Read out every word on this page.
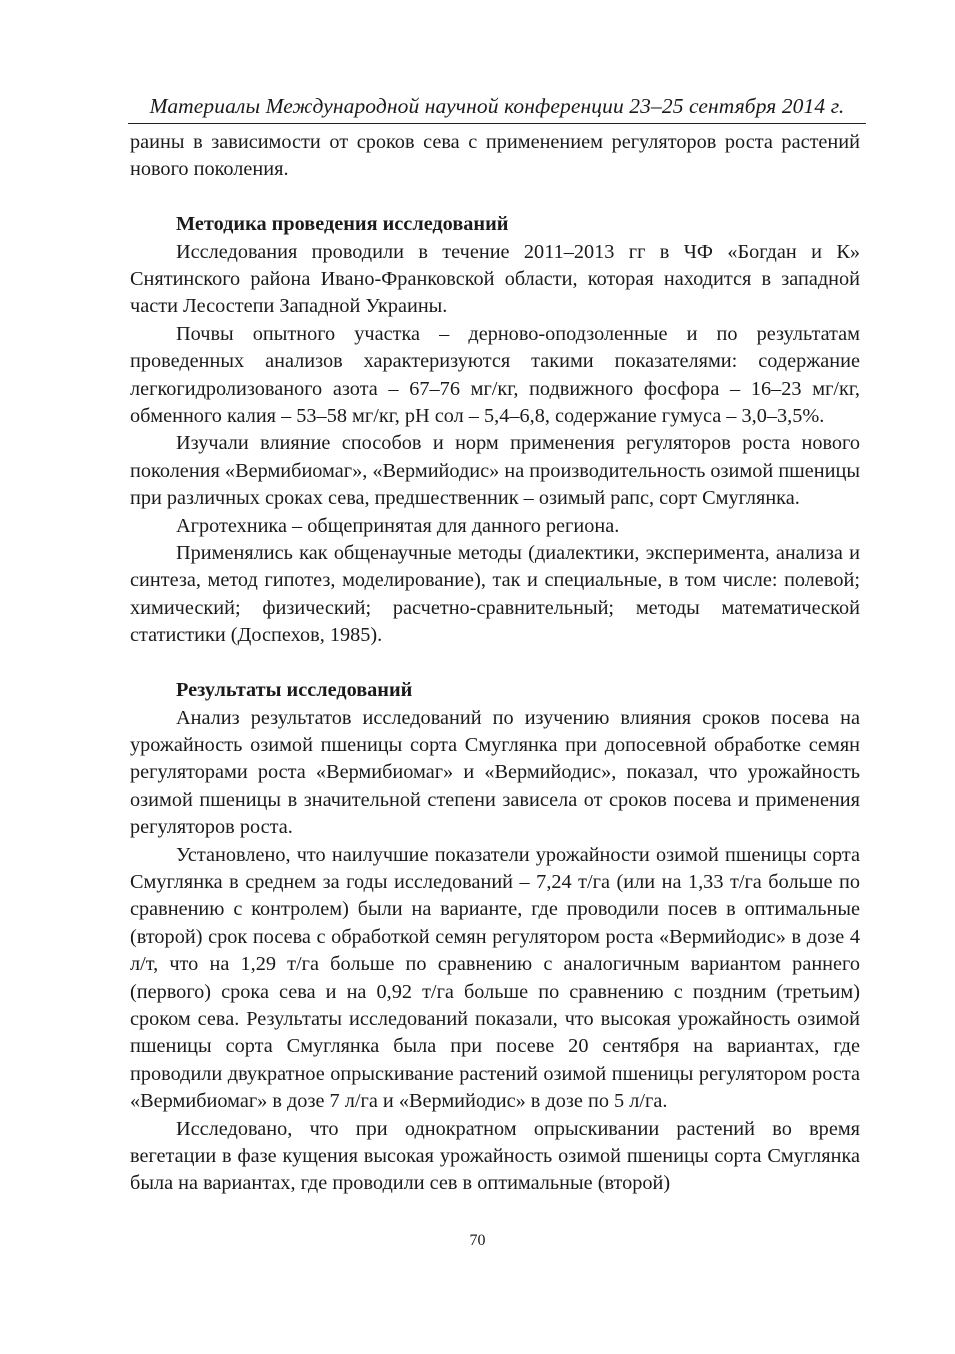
Материалы Международной научной конференции 23–25 сентября 2014 г.

раины в зависимости от сроков сева с применением регуляторов роста растений нового поколения.

Методика проведения исследований

Исследования проводили в течение 2011–2013 гг в ЧФ «Богдан и К» Снятинского района Ивано-Франковской области, которая находится в западной части Лесостепи Западной Украины.

Почвы опытного участка – дерново-оподзоленные и по результатам проведенных анализов характеризуются такими показателями: содержание легкогидролизованого азота – 67–76 мг/кг, подвижного фосфора – 16–23 мг/кг, обменного калия – 53–58 мг/кг, pH сол – 5,4–6,8, содержание гумуса – 3,0–3,5%.

Изучали влияние способов и норм применения регуляторов роста нового поколения «Вермибиомаг», «Вермийодис» на производительность озимой пшеницы при различных сроках сева, предшественник – озимый рапс, сорт Смуглянка.

Агротехника – общепринятая для данного региона.

Применялись как общенаучные методы (диалектики, эксперимента, анализа и синтеза, метод гипотез, моделирование), так и специальные, в том числе: полевой; химический; физический; расчетно-сравнительный; методы математической статистики (Доспехов, 1985).

Результаты исследований

Анализ результатов исследований по изучению влияния сроков посева на урожайность озимой пшеницы сорта Смуглянка при допосевной обработке семян регуляторами роста «Вермибиомаг» и «Вермийодис», показал, что урожайность озимой пшеницы в значительной степени зависела от сроков посева и применения регуляторов роста.

Установлено, что наилучшие показатели урожайности озимой пшеницы сорта Смуглянка в среднем за годы исследований – 7,24 т/га (или на 1,33 т/га больше по сравнению с контролем) были на варианте, где проводили посев в оптимальные (второй) срок посева с обработкой семян регулятором роста «Вермийодис» в дозе 4 л/т, что на 1,29 т/га больше по сравнению с аналогичным вариантом раннего (первого) срока сева и на 0,92 т/га больше по сравнению с поздним (третьим) сроком сева. Результаты исследований показали, что высокая урожайность озимой пшеницы сорта Смуглянка была при посеве 20 сентября на вариантах, где проводили двукратное опрыскивание растений озимой пшеницы регулятором роста «Вермибиомаг» в дозе 7 л/га и «Вермийодис» в дозе по 5 л/га.

Исследовано, что при однократном опрыскивании растений во время вегетации в фазе кущения высокая урожайность озимой пшеницы сорта Смуглянка была на вариантах, где проводили сев в оптимальные (второй)

70
